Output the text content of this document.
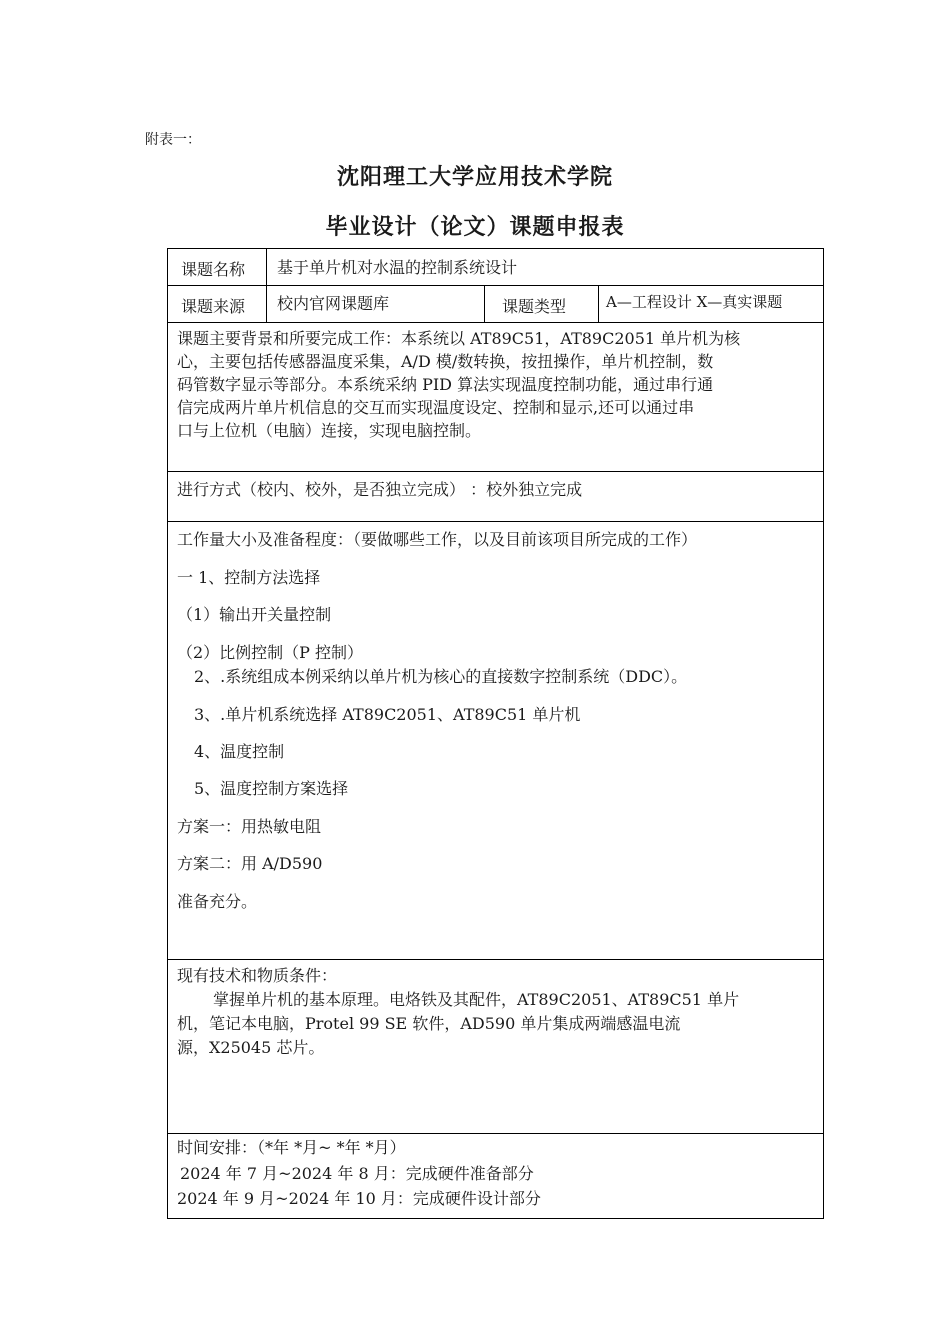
附表一：
沈阳理工大学应用技术学院
毕业设计（论文）课题申报表
课题名称 基于单片机对水温的控制系统设计
课题来源 校内官网课题库	课题类型	A—工程设计 X—真实课题
课题主要背景和所要完成工作：本系统以 AT89C51，AT89C2051 单片机为核
心，主要包括传感器温度采集，A/D 模/数转换，按扭操作，单片机控制，数
码管数字显示等部分。本系统采纳 PID 算法实现温度控制功能，通过串行通
信完成两片单片机信息的交互而实现温度设定、控制和显示,还可以通过串
口与上位机（电脑）连接，实现电脑控制。
进行方式（校内、校外，是否独立完成） ：校外独立完成
工作量大小及准备程度：（要做哪些工作，以及目前该项目所完成的工作）
一 1、控制方法选择
（1）输出开关量控制
（2）比例控制（P 控制）
2、.系统组成本例采纳以单片机为核心的直接数字控制系统（DDC）。
3、.单片机系统选择 AT89C2051、AT89C51 单片机
4、温度控制
5、温度控制方案选择
方案一：用热敏电阻
方案二：用 A/D590
准备充分。
现有技术和物质条件：
掌握单片机的基本原理。电烙铁及其配件，AT89C2051、AT89C51 单片
机，笔记本电脑，Protel 99 SE 软件，AD590 单片集成两端感温电流
源，X25045 芯片。
时间安排：（*年 *月~ *年 *月）
2024 年 7 月~2024 年 8 月：完成硬件准备部分
2024 年 9 月~2024 年 10 月：完成硬件设计部分
